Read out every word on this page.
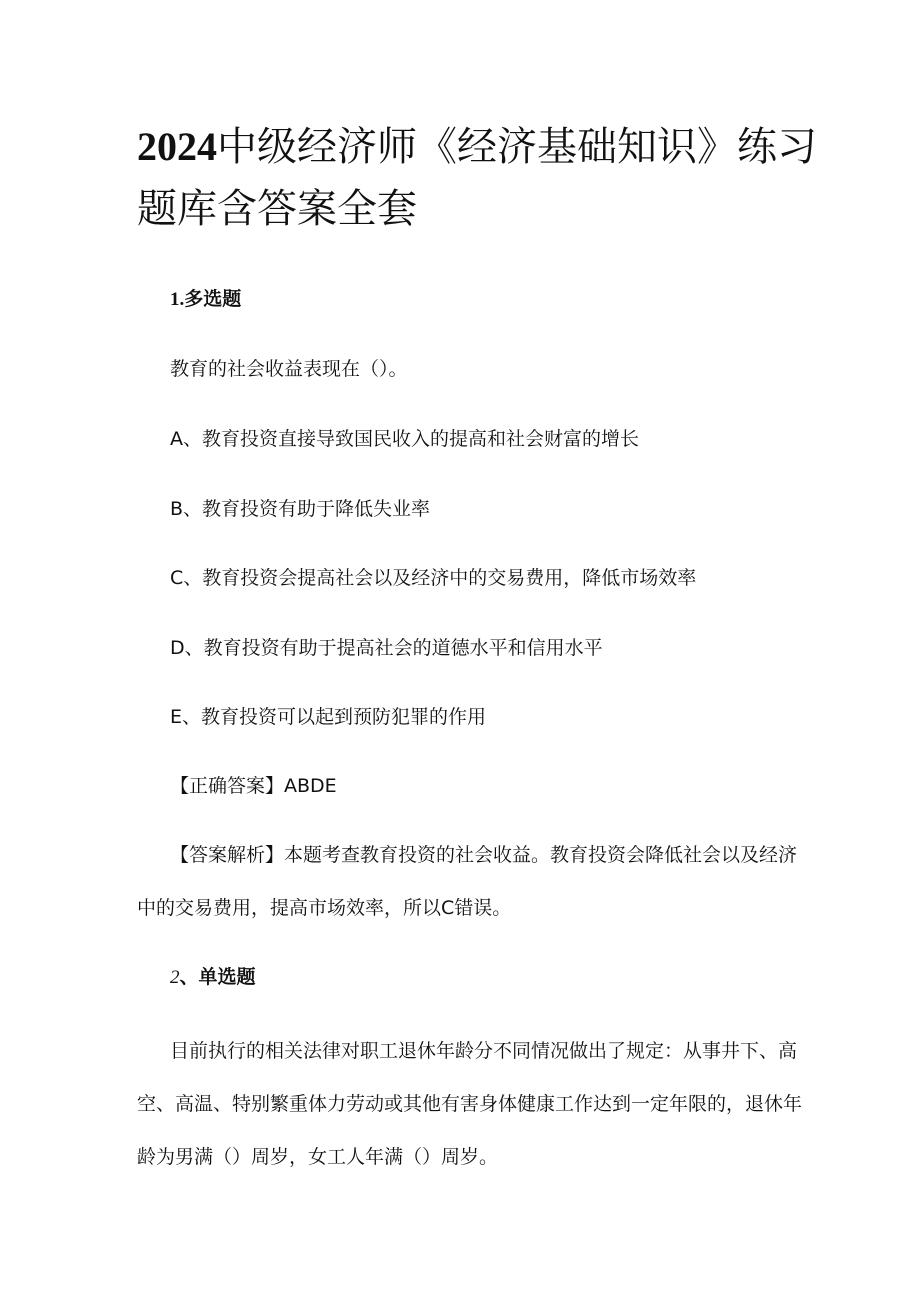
2024中级经济师《经济基础知识》练习题库含答案全套

1.多选题

教育的社会收益表现在（）。

A、教育投资直接导致国民收入的提高和社会财富的增长

B、教育投资有助于降低失业率

C、教育投资会提高社会以及经济中的交易费用，降低市场效率

D、教育投资有助于提高社会的道德水平和信用水平

E、教育投资可以起到预防犯罪的作用

【正确答案】ABDE

【答案解析】本题考查教育投资的社会收益。教育投资会降低社会以及经济中的交易费用，提高市场效率，所以C错误。

2、单选题

目前执行的相关法律对职工退休年龄分不同情况做出了规定：从事井下、高空、高温、特别繁重体力劳动或其他有害身体健康工作达到一定年限的，退休年龄为男满（）周岁，女工人年满（）周岁。
